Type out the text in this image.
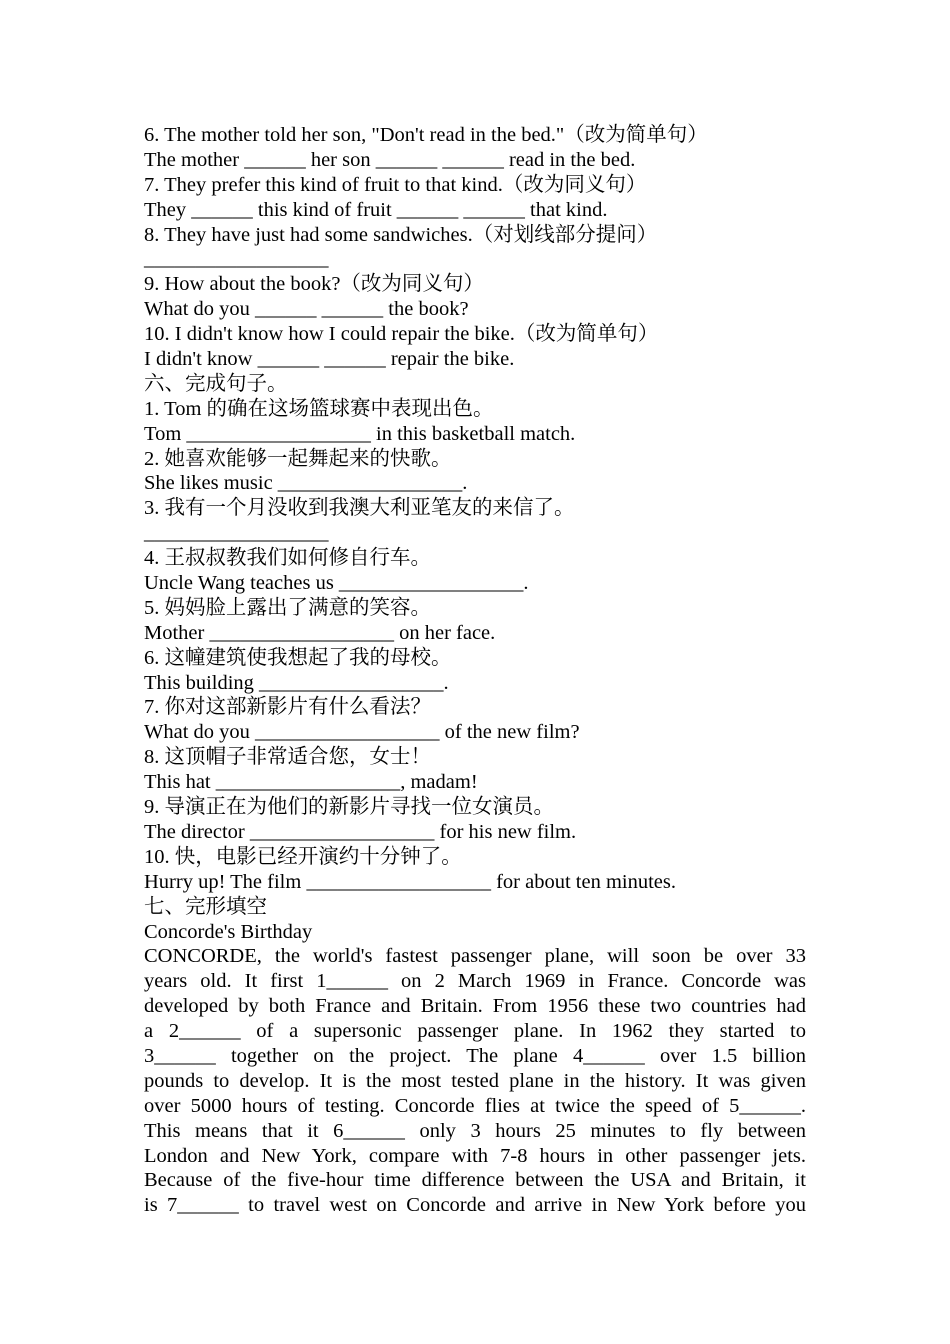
6. The mother told her son, "Don't read in the bed."（改为简单句）
The mother ______ her son ______ ______ read in the bed.
7. They prefer this kind of fruit to that kind.（改为同义句）
They ______ this kind of fruit ______ ______ that kind.
8. They have just had some sandwiches.（对划线部分提问）
__________________
9. How about the book?（改为同义句）
What do you ______ ______ the book?
10. I didn't know how I could repair the bike.（改为简单句）
I didn't know ______ ______ repair the bike.
六、完成句子。
1. Tom 的确在这场篮球赛中表现出色。
Tom __________________ in this basketball match.
2. 她喜欢能够一起舞起来的快歌。
She likes music __________________.
3. 我有一个月没收到我澳大利亚笔友的来信了。
__________________
4. 王叔叔教我们如何修自行车。
Uncle Wang teaches us __________________.
5. 妈妈脸上露出了满意的笑容。
Mother __________________ on her face.
6. 这幢建筑使我想起了我的母校。
This building __________________.
7. 你对这部新影片有什么看法？
What do you __________________ of the new film?
8. 这顶帽子非常适合您，女士！
This hat __________________, madam!
9. 导演正在为他们的新影片寻找一位女演员。
The director __________________ for his new film.
10. 快，电影已经开演约十分钟了。
Hurry up! The film __________________ for about ten minutes.
七、完形填空
Concorde's Birthday
CONCORDE, the world's fastest passenger plane, will soon be over 33
years old. It first 1______ on 2 March 1969 in France. Concorde was
developed by both France and Britain. From 1956 these two countries had
a 2______ of a supersonic passenger plane. In 1962 they started to
3______ together on the project. The plane 4______ over 1.5 billion
pounds to develop. It is the most tested plane in the history. It was given
over 5000 hours of testing. Concorde flies at twice the speed of 5______.
This means that it 6______ only 3 hours 25 minutes to fly between
London and New York, compare with 7-8 hours in other passenger jets.
Because of the five-hour time difference between the USA and Britain, it
is 7______ to travel west on Concorde and arrive in New York before you
